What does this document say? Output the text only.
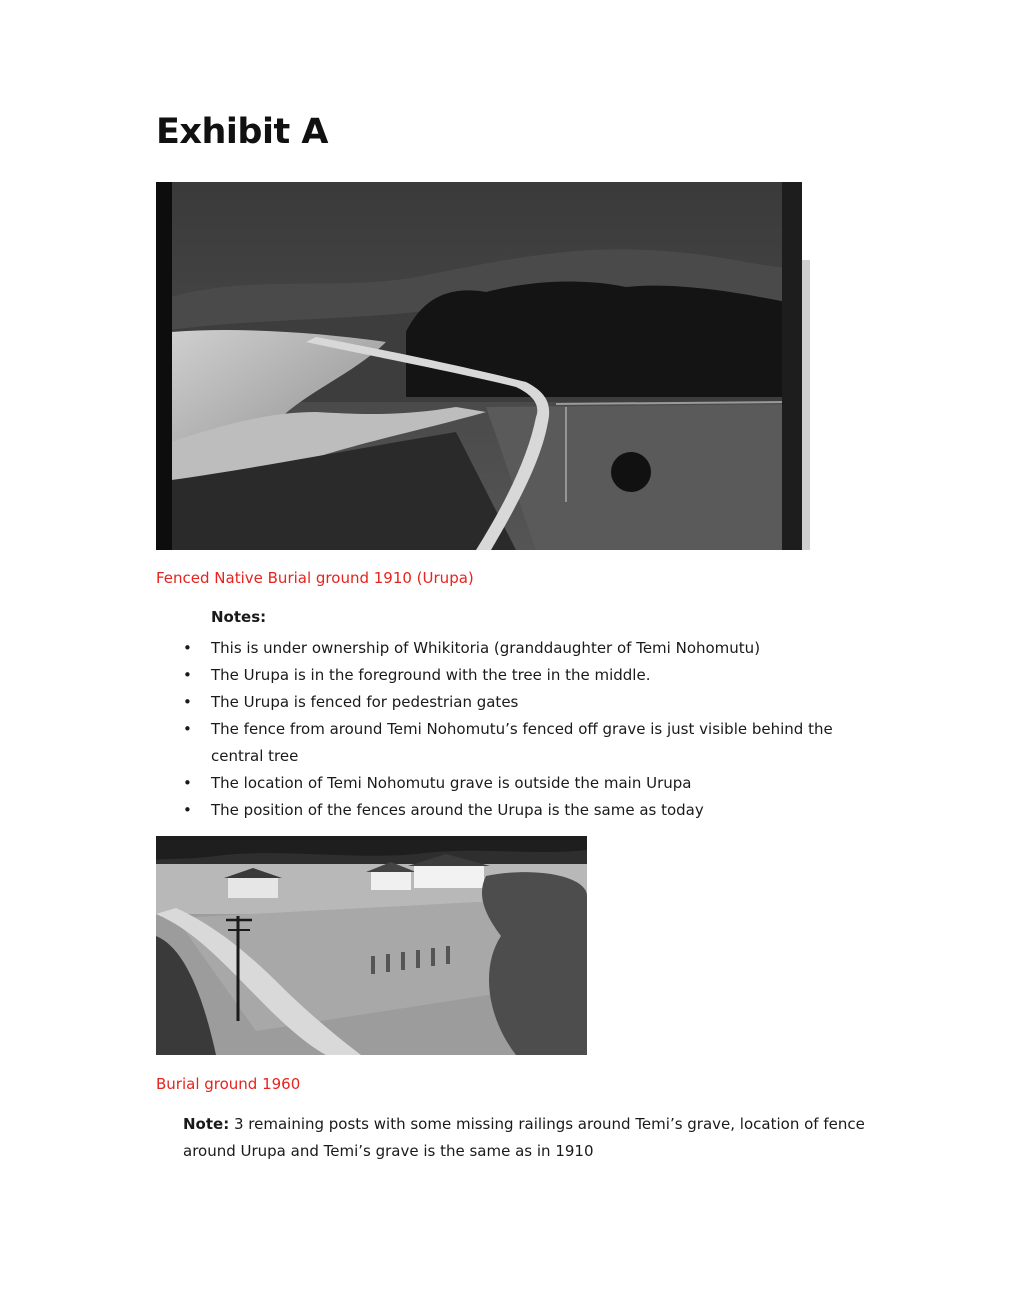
Exhibit A
Fenced Native Burial ground 1910 (Urupa)
Notes:
• This is under ownership of Whikitoria (granddaughter of Temi Nohomutu)
• The Urupa is in the foreground with the tree in the middle.
• The Urupa is fenced for pedestrian gates
• The fence from around Temi Nohomutu’s fenced off grave is just visible behind the central tree
• The location of Temi Nohomutu grave is outside the main Urupa
• The position of the fences around the Urupa is the same as today
Burial ground 1960
Note: 3 remaining posts with some missing railings around Temi’s grave, location of fence around Urupa and Temi’s grave is the same as in 1910
